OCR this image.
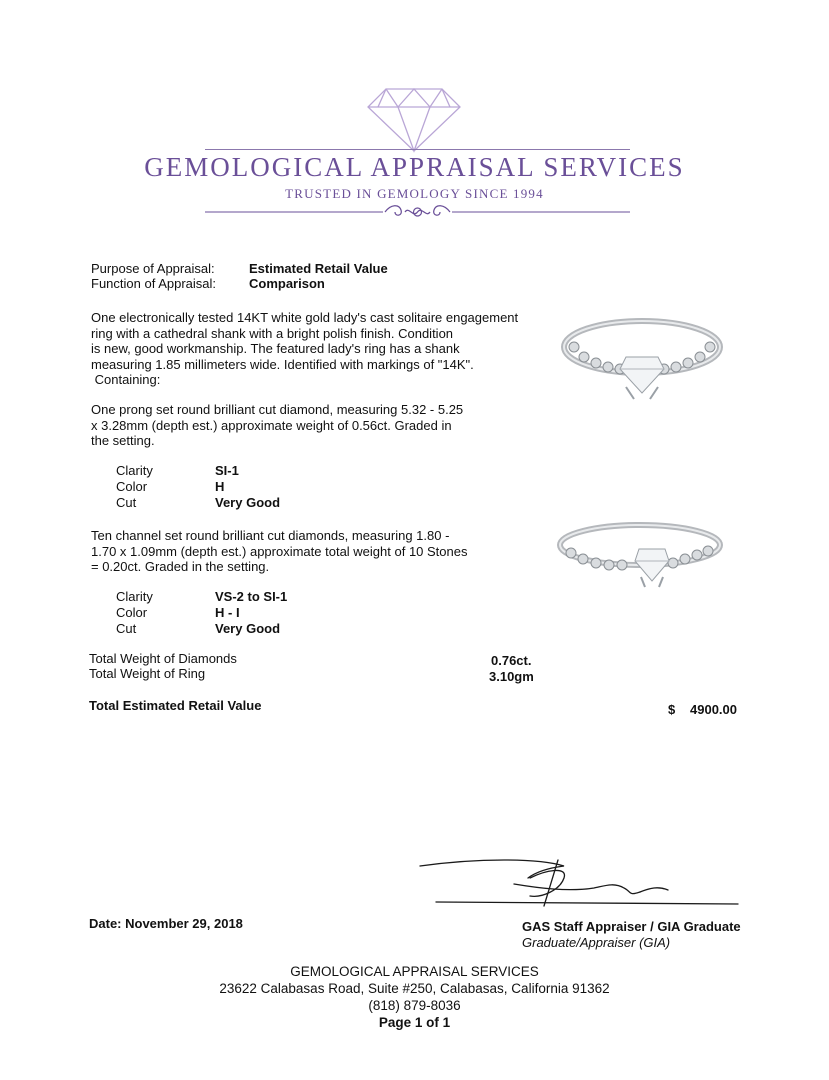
GEMOLOGICAL APPRAISAL SERVICES
TRUSTED IN GEMOLOGY SINCE 1994
Purpose of Appraisal:	Estimated Retail Value
Function of Appraisal:	Comparison
One electronically tested 14KT white gold lady's cast solitaire engagement
ring with a cathedral shank with a bright polish finish. Condition
is new, good workmanship. The featured lady's ring has a shank
measuring 1.85 millimeters wide. Identified with markings of "14K".
Containing:
One prong set round brilliant cut diamond, measuring 5.32 - 5.25
x 3.28mm (depth est.) approximate weight of 0.56ct. Graded in
the setting.
Clarity	SI-1
Color	H
Cut	Very Good
Ten channel set round brilliant cut diamonds, measuring 1.80 -
1.70 x 1.09mm (depth est.) approximate total weight of 10 Stones
= 0.20ct. Graded in the setting.
Clarity	VS-2 to SI-1
Color	H - I
Cut	Very Good
Total Weight of Diamonds	0.76ct.
Total Weight of Ring	3.10gm
Total Estimated Retail Value	$ 4900.00
Date: November 29, 2018	GAS Staff Appraiser / GIA Graduate
Graduate/Appraiser (GIA)
GEMOLOGICAL APPRAISAL SERVICES
23622 Calabasas Road, Suite #250, Calabasas, California 91362
(818) 879-8036
Page 1 of 1
